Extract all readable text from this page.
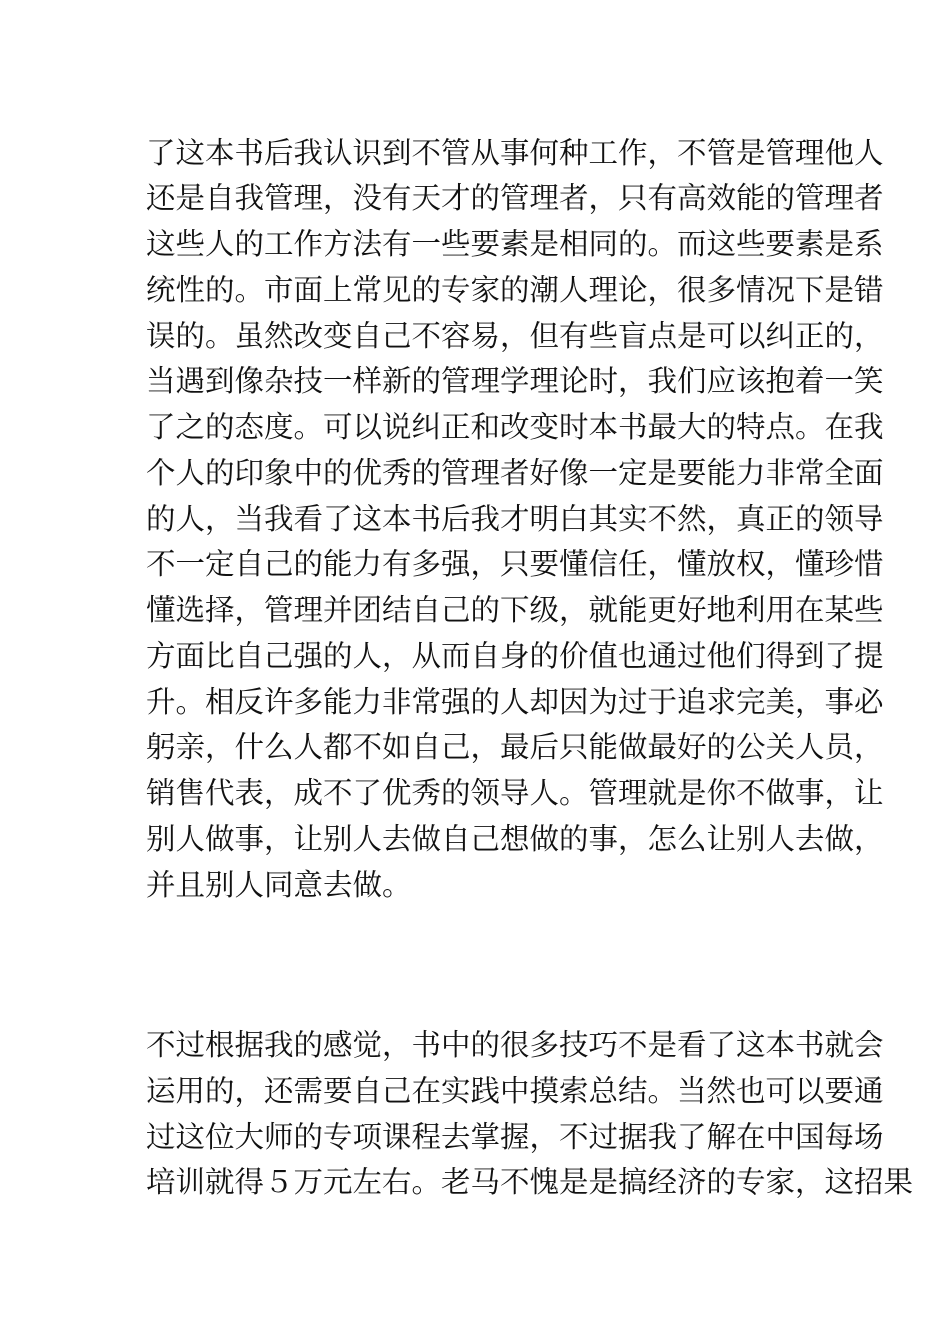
了这本书后我认识到不管从事何种工作，不管是管理他人
还是自我管理，没有天才的管理者，只有高效能的管理者
这些人的工作方法有一些要素是相同的。而这些要素是系
统性的。市面上常见的专家的潮人理论，很多情况下是错
误的。虽然改变自己不容易，但有些盲点是可以纠正的，
当遇到像杂技一样新的管理学理论时，我们应该抱着一笑
了之的态度。可以说纠正和改变时本书最大的特点。在我
个人的印象中的优秀的管理者好像一定是要能力非常全面
的人，当我看了这本书后我才明白其实不然，真正的领导
不一定自己的能力有多强，只要懂信任，懂放权，懂珍惜
懂选择，管理并团结自己的下级，就能更好地利用在某些
方面比自己强的人，从而自身的价值也通过他们得到了提
升。相反许多能力非常强的人却因为过于追求完美，事必
躬亲，什么人都不如自己，最后只能做最好的公关人员，
销售代表，成不了优秀的领导人。管理就是你不做事，让
别人做事，让别人去做自己想做的事，怎么让别人去做，
并且别人同意去做。
不过根据我的感觉，书中的很多技巧不是看了这本书就会
运用的，还需要自己在实践中摸索总结。当然也可以要通
过这位大师的专项课程去掌握，不过据我了解在中国每场
培训就得５万元左右。老马不愧是是搞经济的专家，这招果
